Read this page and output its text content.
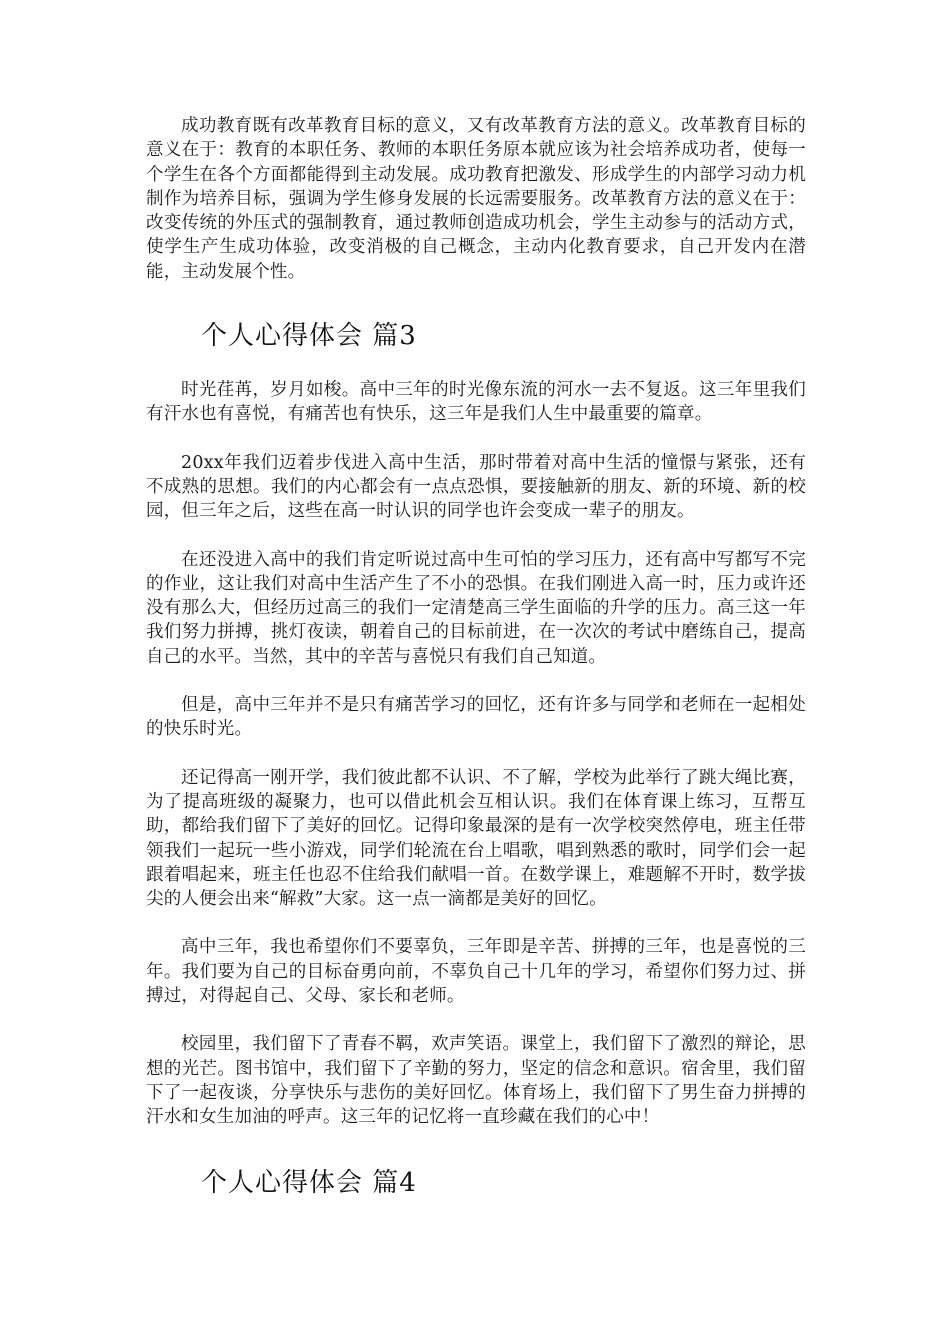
成功教育既有改革教育目标的意义，又有改革教育方法的意义。改革教育目标的意义在于：教育的本职任务、教师的本职任务原本就应该为社会培养成功者，使每一个学生在各个方面都能得到主动发展。成功教育把激发、形成学生的内部学习动力机制作为培养目标，强调为学生修身发展的长远需要服务。改革教育方法的意义在于：改变传统的外压式的强制教育，通过教师创造成功机会，学生主动参与的活动方式，使学生产生成功体验，改变消极的自己概念，主动内化教育要求，自己开发内在潜能，主动发展个性。

个人心得体会 篇3

时光荏苒，岁月如梭。高中三年的时光像东流的河水一去不复返。这三年里我们有汗水也有喜悦，有痛苦也有快乐，这三年是我们人生中最重要的篇章。

20xx年我们迈着步伐进入高中生活，那时带着对高中生活的憧憬与紧张，还有不成熟的思想。我们的内心都会有一点点恐惧，要接触新的朋友、新的环境、新的校园，但三年之后，这些在高一时认识的同学也许会变成一辈子的朋友。

在还没进入高中的我们肯定听说过高中生可怕的学习压力，还有高中写都写不完的作业，这让我们对高中生活产生了不小的恐惧。在我们刚进入高一时，压力或许还没有那么大，但经历过高三的我们一定清楚高三学生面临的升学的压力。高三这一年我们努力拼搏，挑灯夜读，朝着自己的目标前进，在一次次的考试中磨练自己，提高自己的水平。当然，其中的辛苦与喜悦只有我们自己知道。

但是，高中三年并不是只有痛苦学习的回忆，还有许多与同学和老师在一起相处的快乐时光。

还记得高一刚开学，我们彼此都不认识、不了解，学校为此举行了跳大绳比赛，为了提高班级的凝聚力，也可以借此机会互相认识。我们在体育课上练习，互帮互助，都给我们留下了美好的回忆。记得印象最深的是有一次学校突然停电，班主任带领我们一起玩一些小游戏，同学们轮流在台上唱歌，唱到熟悉的歌时，同学们会一起跟着唱起来，班主任也忍不住给我们献唱一首。在数学课上，难题解不开时，数学拔尖的人便会出来“解救”大家。这一点一滴都是美好的回忆。

高中三年，我也希望你们不要辜负，三年即是辛苦、拼搏的三年，也是喜悦的三年。我们要为自己的目标奋勇向前，不辜负自己十几年的学习，希望你们努力过、拼搏过，对得起自己、父母、家长和老师。

校园里，我们留下了青春不羁，欢声笑语。课堂上，我们留下了激烈的辩论，思想的光芒。图书馆中，我们留下了辛勤的努力，坚定的信念和意识。宿舍里，我们留下了一起夜谈，分享快乐与悲伤的美好回忆。体育场上，我们留下了男生奋力拼搏的汗水和女生加油的呼声。这三年的记忆将一直珍藏在我们的心中！

个人心得体会 篇4
